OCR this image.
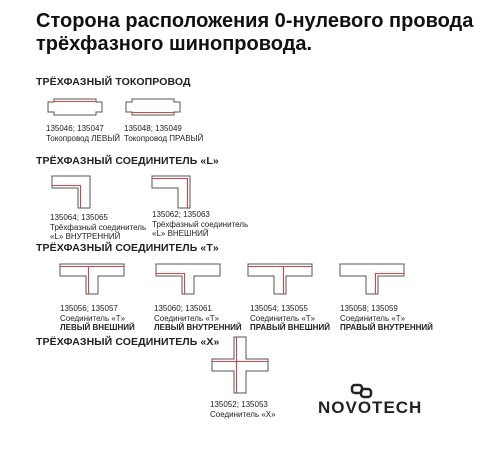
Сторона расположения 0-нулевого провода трёхфазного шинопровода.
ТРЁХФАЗНЫЙ ТОКОПРОВОД
135046; 135047
Токопровод ЛЕВЫЙ
135048; 135049
Токопровод ПРАВЫЙ
ТРЁХФАЗНЫЙ СОЕДИНИТЕЛЬ «L»
135064; 135065
Трёхфазный соединитель
«L» ВНУТРЕННИЙ
135062; 135063
Трёхфазный соединитель
«L» ВНЕШНИЙ
ТРЁХФАЗНЫЙ СОЕДИНИТЕЛЬ «T»
135056; 135057
Соединитель «T»
ЛЕВЫЙ ВНЕШНИЙ
135060; 135061
Соединитель «T»
ЛЕВЫЙ ВНУТРЕННИЙ
135054; 135055
Соединитель «T»
ПРАВЫЙ ВНЕШНИЙ
135058; 135059
Соединитель «T»
ПРАВЫЙ ВНУТРЕННИЙ
ТРЁХФАЗНЫЙ СОЕДИНИТЕЛЬ «X»
135052; 135053
Соединитель «X» NOVOTECH
